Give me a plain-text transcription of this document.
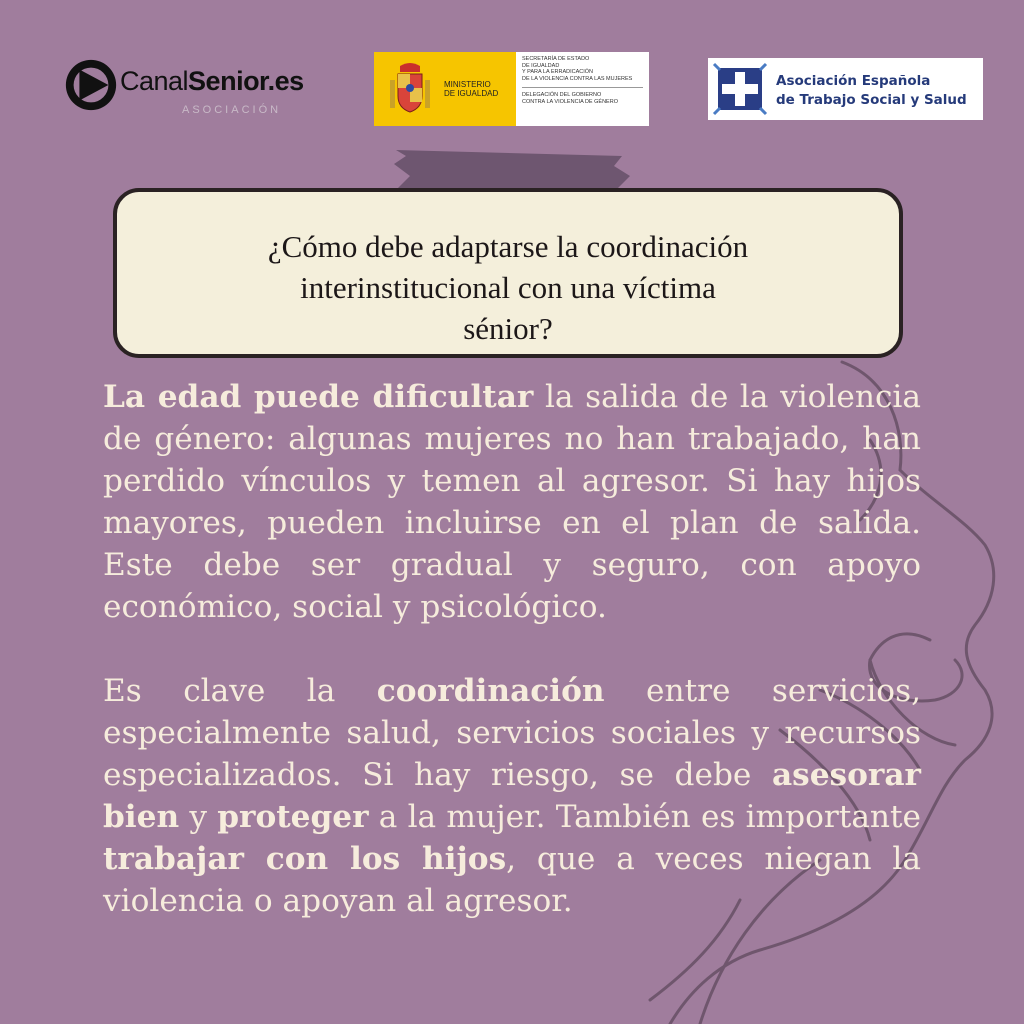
CanalSenior.es
ASOCIACIÓN
MINISTERIO
DE IGUALDAD
SECRETARÍA DE ESTADO
DE IGUALDAD
Y PARA LA ERRADICACIÓN
DE LA VIOLENCIA CONTRA LAS MUJERES
DELEGACIÓN DEL GOBIERNO
CONTRA LA VIOLENCIA DE GÉNERO
Asociación Española
de Trabajo Social y Salud
¿Cómo debe adaptarse la coordinación
interinstitucional con una víctima
sénior?

La edad puede dificultar la salida de la violencia de género: algunas mujeres no han trabajado, han perdido vínculos y temen al agresor. Si hay hijos mayores, pueden incluirse en el plan de salida. Este debe ser gradual y seguro, con apoyo económico, social y psicológico.

Es clave la coordinación entre servicios, especialmente salud, servicios sociales y recursos especializados. Si hay riesgo, se debe asesorar bien y proteger a la mujer. También es importante trabajar con los hijos, que a veces niegan la violencia o apoyan al agresor.
